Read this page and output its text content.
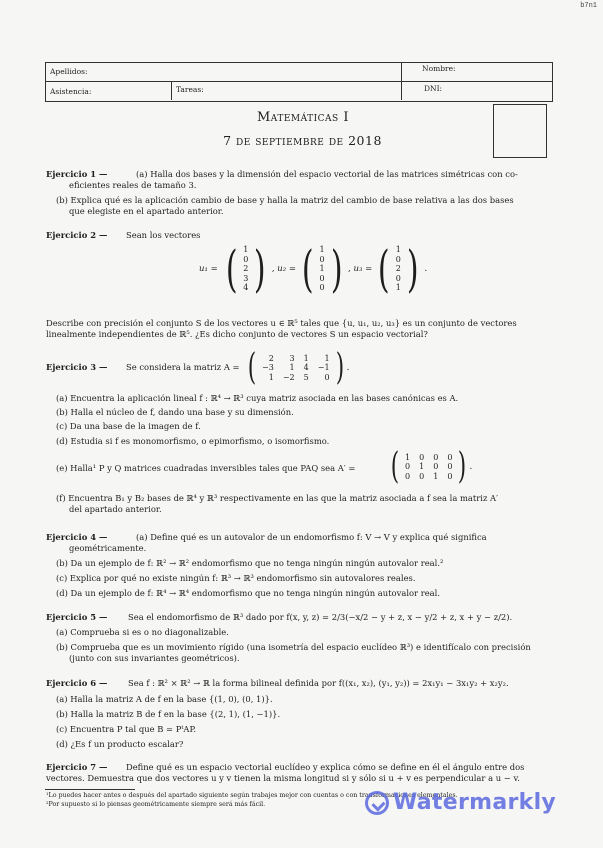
b7n1
Apellidos:	Nombre:
Asistencia:	Tareas:	DNI:
Matemáticas I
7 de septiembre de 2018
Ejercicio 1 —	(a) Halla dos bases y la dimensión del espacio vectorial de las matrices simétricas con co-
eficientes reales de tamaño 3.
(b) Explica qué es la aplicación cambio de base y halla la matriz del cambio de base relativa a las dos bases
que elegiste en el apartado anterior.
Ejercicio 2 — Sean los vectores
u₁ = ( 1
0
2
3
4 ) , u₂ = ( 1
0
1
0
0 ) , u₃ = ( 1
0
2
0
1 ) .
Describe con precisión el conjunto S de los vectores u ∈ ℝ⁵ tales que {u, u₁, u₂, u₃} es un conjunto de vectores
linealmente independientes de ℝ⁵. ¿Es dicho conjunto de vectores S un espacio vectorial?
Ejercicio 3 — Se considera la matriz A = (	2	3 1	1
−3	1 4 −1
1 −2 5	0 ) .
(a) Encuentra la aplicación lineal f : ℝ⁴ → ℝ³ cuya matriz asociada en las bases canónicas es A.
(b) Halla el núcleo de f, dando una base y su dimensión.
(c) Da una base de la imagen de f.
(d) Estudia si f es monomorfismo, o epimorfismo, o isomorfismo.
(e) Halla¹ P y Q matrices cuadradas inversibles tales que PAQ sea A′ = ( 1 0 0 0
0 1 0 0
0 0 1 0 ) .
(f) Encuentra B₁ y B₂ bases de ℝ⁴ y ℝ³ respectivamente en las que la matriz asociada a f sea la matriz A′
del apartado anterior.
Ejercicio 4 —	(a) Define qué es un autovalor de un endomorfismo f: V → V y explica qué significa
geométricamente.
(b) Da un ejemplo de f: ℝ² → ℝ² endomorfismo que no tenga ningún ningún autovalor real.²
(c) Explica por qué no existe ningún f: ℝ³ → ℝ³ endomorfismo sin autovalores reales.
(d) Da un ejemplo de f: ℝ⁴ → ℝ⁴ endomorfismo que no tenga ningún ningún autovalor real.
Ejercicio 5 — Sea el endomorfismo de ℝ³ dado por f(x, y, z) = 2/3(−x/2 − y + z, x − y/2 + z, x + y − z/2).
(a) Comprueba si es o no diagonalizable.
(b) Comprueba que es un movimiento rígido (una isometría del espacio euclídeo ℝ³) e identifícalo con precisión
(junto con sus invariantes geométricos).
Ejercicio 6 — Sea f : ℝ² × ℝ² → ℝ la forma bilineal definida por f((x₁, x₂), (y₁, y₂)) = 2x₁y₁ − 3x₁y₂ + x₂y₂.
(a) Halla la matriz A de f en la base {(1, 0), (0, 1)}.
(b) Halla la matriz B de f en la base {(2, 1), (1, −1)}.
(c) Encuentra P tal que B = PᵗAP.
(d) ¿Es f un producto escalar?
Ejercicio 7 — Define qué es un espacio vectorial euclídeo y explica cómo se define en él el ángulo entre dos
vectores. Demuestra que dos vectores u y v tienen la misma longitud si y sólo si u + v es perpendicular a u − v.
¹Lo puedes hacer antes o después del apartado siguiente según trabajes mejor con cuentas o con transformaciones elementales.
²Por supuesto si lo piensas geométricamente siempre será más fácil.	Watermarkly
